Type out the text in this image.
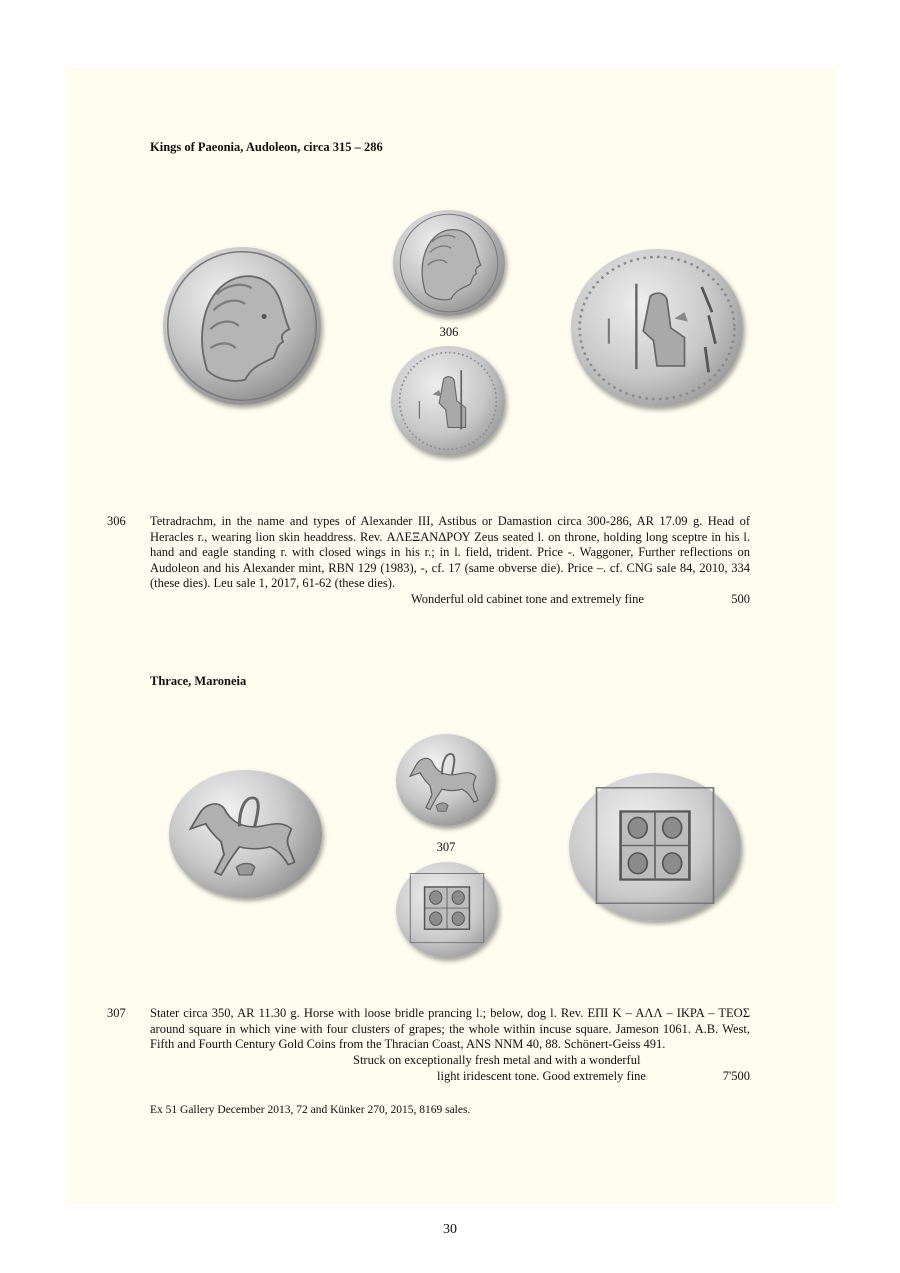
Kings of Paeonia, Audoleon, circa 315 – 286
306
306 Tetradrachm, in the name and types of Alexander III, Astibus or Damastion circa 300-286, AR 17.09 g. Head of Heracles r., wearing lion skin headdress. Rev. ΑΛΕΞΑΝΔΡΟΥ Zeus seated l. on throne, holding long sceptre in his l. hand and eagle standing r. with closed wings in his r.; in l. field, trident. Price -. Waggoner, Further reflections on Audoleon and his Alexander mint, RBN 129 (1983), -, cf. 17 (same obverse die). Price –. cf. CNG sale 84, 2010, 334 (these dies). Leu sale 1, 2017, 61-62 (these dies).
Wonderful old cabinet tone and extremely fine	500
Thrace, Maroneia
307
307 Stater circa 350, AR 11.30 g. Horse with loose bridle prancing l.; below, dog l. Rev. ΕΠΙ Κ – ΑΛΛ – ΙΚΡΑ – ΤΕΟΣ around square in which vine with four clusters of grapes; the whole within incuse square. Jameson 1061. A.B. West, Fifth and Fourth Century Gold Coins from the Thracian Coast, ANS NNM 40, 88. Schönert-Geiss 491.
Struck on exceptionally fresh metal and with a wonderful
light iridescent tone. Good extremely fine	7'500
Ex 51 Gallery December 2013, 72 and Künker 270, 2015, 8169 sales.
30
